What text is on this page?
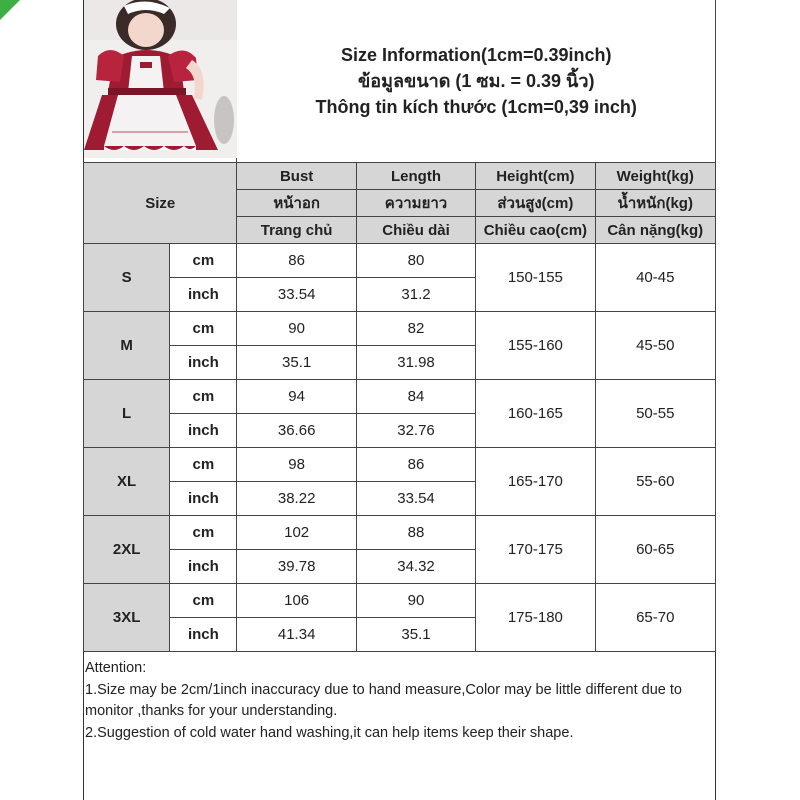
Size Information(1cm=0.39inch)
ข้อมูลขนาด (1 ซม. = 0.39 นิ้ว)
Thông tin kích thước (1cm=0,39 inch)			

Size		Bust	Length	Height(cm)	Weight(kg)
		หน้าอก	ความยาว	ส่วนสูง(cm)	น้ำหนัก(kg)
		Trang chủ	Chiều dài	Chiều cao(cm)	Cân nặng(kg)
S	cm	86	80	150-155	40-45
	inch	33.54	31.2		
M	cm	90	82	155-160	45-50
	inch	35.1	31.98		
L	cm	94	84	160-165	50-55
	inch	36.66	32.76		
XL	cm	98	86	165-170	55-60
	inch	38.22	33.54		
2XL	cm	102	88	170-175	60-65
	inch	39.78	34.32		
3XL	cm	106	90	175-180	65-70
	inch	41.34	35.1		
Attention:
1.Size may be 2cm/1inch inaccuracy due to hand measure,Color may be little different due to monitor ,thanks for your understanding.
2.Suggestion of cold water hand washing,it can help items keep their shape.
